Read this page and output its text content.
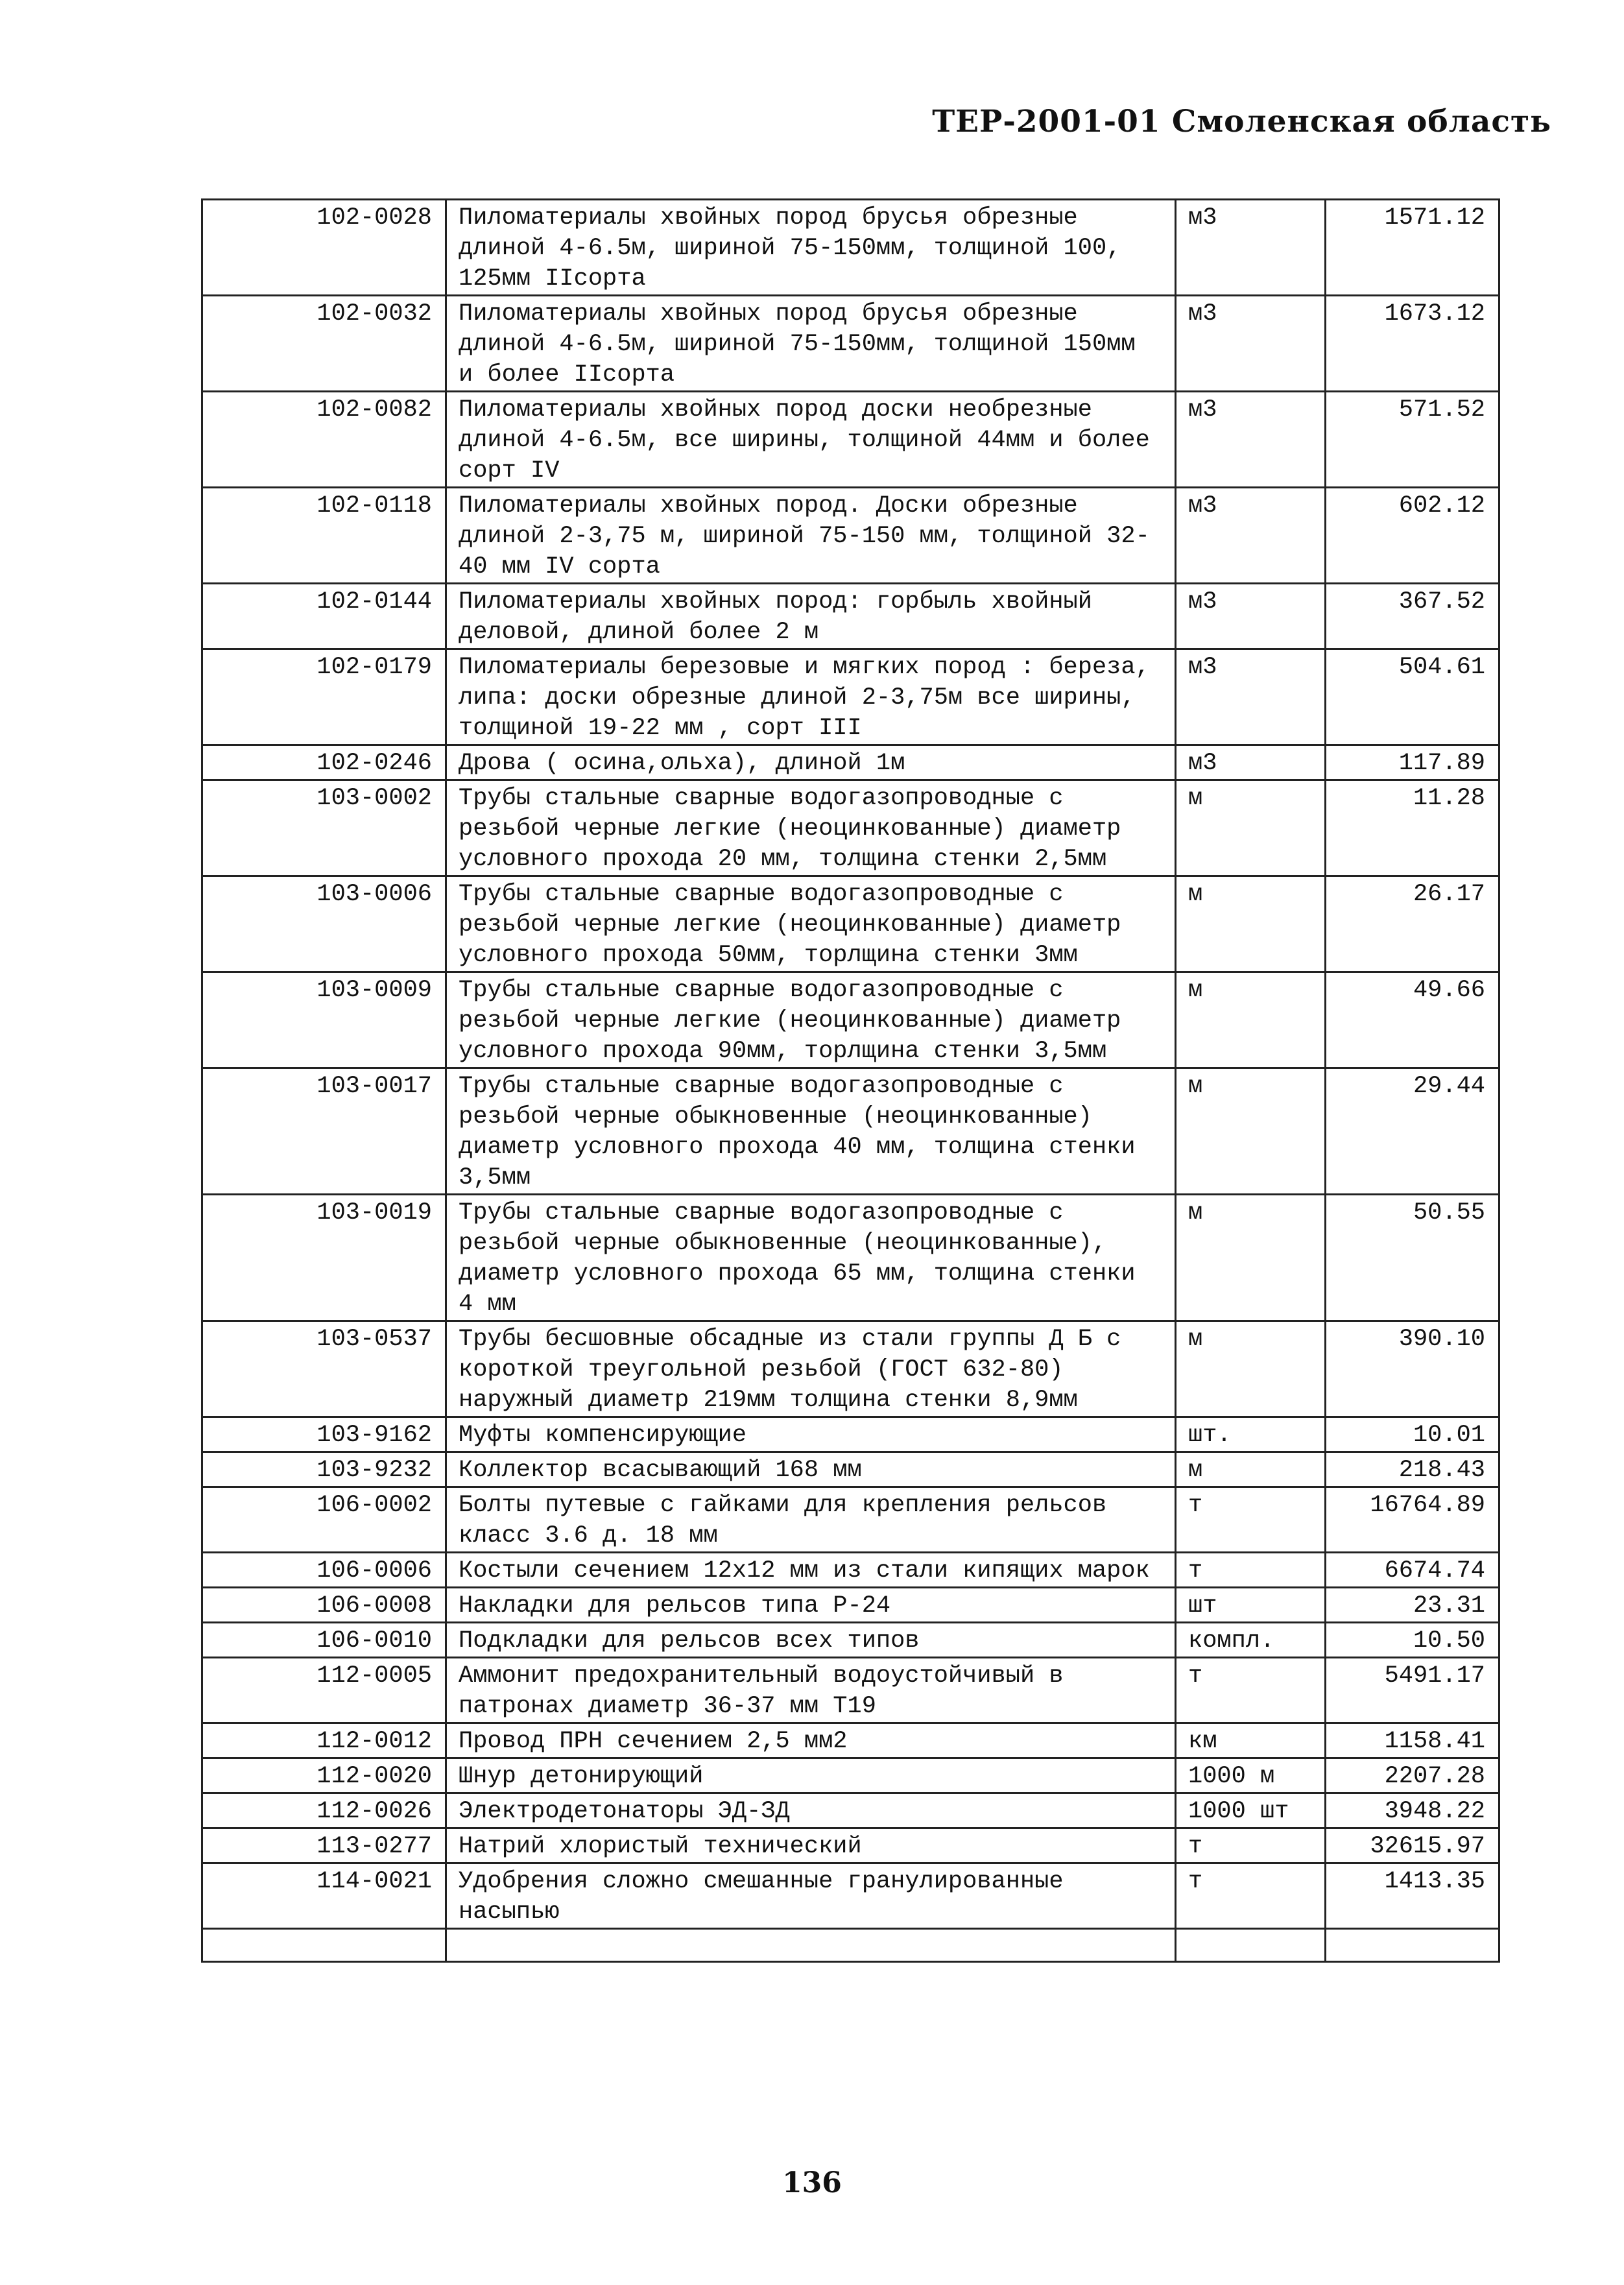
ТЕР-2001-01 Смоленская область
102-0028	Пиломатериалы хвойных пород брусья обрезные длиной 4-6.5м, шириной 75-150мм, толщиной 100, 125мм IIсорта	м3	1571.12
102-0032	Пиломатериалы хвойных пород брусья обрезные длиной 4-6.5м, шириной 75-150мм, толщиной 150мм и более IIсорта	м3	1673.12
102-0082	Пиломатериалы хвойных пород доски необрезные длиной 4-6.5м, все ширины, толщиной 44мм и более сорт IV	м3	571.52
102-0118	Пиломатериалы хвойных пород. Доски обрезные длиной 2-3,75 м, шириной 75-150 мм, толщиной 32-40 мм IV сорта	м3	602.12
102-0144	Пиломатериалы хвойных пород: горбыль хвойный деловой, длиной более 2 м	м3	367.52
102-0179	Пиломатериалы березовые и мягких пород : береза, липа: доски обрезные длиной 2-3,75м все ширины, толщиной 19-22 мм , сорт III	м3	504.61
102-0246	Дрова ( осина,ольха), длиной 1м	м3	117.89
103-0002	Трубы стальные сварные водогазопроводные с резьбой черные легкие (неоцинкованные) диаметр условного прохода 20 мм, толщина стенки 2,5мм	м	11.28
103-0006	Трубы стальные сварные водогазопроводные с резьбой черные легкие (неоцинкованные) диаметр условного прохода 50мм, торлщина стенки 3мм	м	26.17
103-0009	Трубы стальные сварные водогазопроводные с резьбой черные легкие (неоцинкованные) диаметр условного прохода 90мм, торлщина стенки 3,5мм	м	49.66
103-0017	Трубы стальные сварные водогазопроводные с резьбой черные обыкновенные (неоцинкованные) диаметр условного прохода 40 мм, толщина стенки 3,5мм	м	29.44
103-0019	Трубы стальные сварные водогазопроводные с резьбой черные обыкновенные (неоцинкованные), диаметр условного прохода 65 мм, толщина стенки 4 мм	м	50.55
103-0537	Трубы бесшовные обсадные из стали группы Д Б с короткой треугольной резьбой (ГОСТ 632-80) наружный диаметр 219мм толщина стенки 8,9мм	м	390.10
103-9162	Муфты компенсирующие	шт.	10.01
103-9232	Коллектор всасывающий 168 мм	м	218.43
106-0002	Болты путевые с гайками для крепления рельсов класс 3.6 д. 18 мм	т	16764.89
106-0006	Костыли сечением 12х12 мм из стали кипящих марок	т	6674.74
106-0008	Накладки для рельсов типа Р-24	шт	23.31
106-0010	Подкладки для рельсов всех типов	компл.	10.50
112-0005	Аммонит предохранительный водоустойчивый в патронах диаметр 36-37 мм Т19	т	5491.17
112-0012	Провод ПРН сечением 2,5 мм2	км	1158.41
112-0020	Шнур детонирующий	1000 м	2207.28
112-0026	Электродетонаторы ЭД-ЗД	1000 шт	3948.22
113-0277	Натрий хлористый технический	т	32615.97
114-0021	Удобрения сложно смешанные гранулированные насыпью	т	1413.35

136
